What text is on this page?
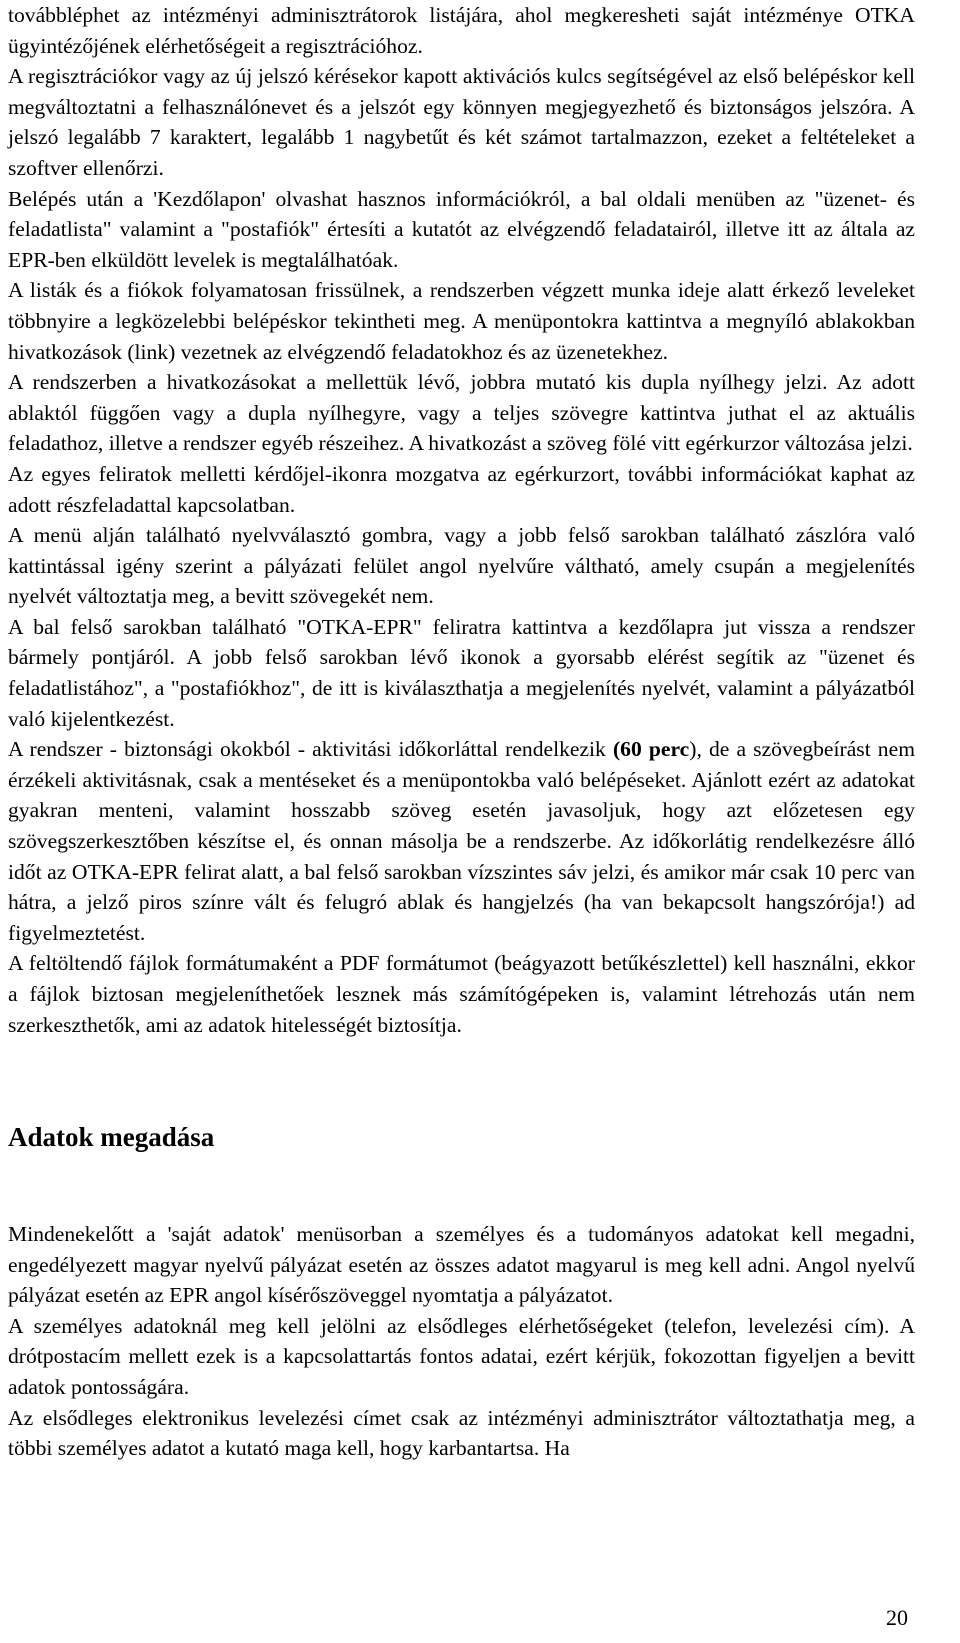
továbbléphet az intézményi adminisztrátorok listájára, ahol megkeresheti saját intézménye OTKA ügyintézőjének elérhetőségeit a regisztrációhoz.

A regisztrációkor vagy az új jelszó kérésekor kapott aktivációs kulcs segítségével az első belépéskor kell megváltoztatni a felhasználónevet és a jelszót egy könnyen megjegyezhető és biztonságos jelszóra. A jelszó legalább 7 karaktert, legalább 1 nagybetűt és két számot tartalmazzon, ezeket a feltételeket a szoftver ellenőrzi.

Belépés után a 'Kezdőlapon' olvashat hasznos információkról, a bal oldali menüben az "üzenet- és feladatlista" valamint a "postafiók" értesíti a kutatót az elvégzendő feladatairól, illetve itt az általa az EPR-ben elküldött levelek is megtalálhatóak.

A listák és a fiókok folyamatosan frissülnek, a rendszerben végzett munka ideje alatt érkező leveleket többnyire a legközelebbi belépéskor tekintheti meg. A menüpontokra kattintva a megnyíló ablakokban hivatkozások (link) vezetnek az elvégzendő feladatokhoz és az üzenetekhez.

A rendszerben a hivatkozásokat a mellettük lévő, jobbra mutató kis dupla nyílhegy jelzi. Az adott ablaktól függően vagy a dupla nyílhegyre, vagy a teljes szövegre kattintva juthat el az aktuális feladathoz, illetve a rendszer egyéb részeihez. A hivatkozást a szöveg fölé vitt egérkurzor változása jelzi.

Az egyes feliratok melletti kérdőjel-ikonra mozgatva az egérkurzort, további információkat kaphat az adott részfeladattal kapcsolatban.

A menü alján található nyelvválasztó gombra, vagy a jobb felső sarokban található zászlóra való kattintással igény szerint a pályázati felület angol nyelvűre váltható, amely csupán a megjelenítés nyelvét változtatja meg, a bevitt szövegekét nem.

A bal felső sarokban található "OTKA-EPR" feliratra kattintva a kezdőlapra jut vissza a rendszer bármely pontjáról. A jobb felső sarokban lévő ikonok a gyorsabb elérést segítik az "üzenet és feladatlistához", a "postafiókhoz", de itt is kiválaszthatja a megjelenítés nyelvét, valamint a pályázatból való kijelentkezést.

A rendszer - biztonsági okokból - aktivitási időkorláttal rendelkezik (60 perc), de a szövegbeírást nem érzékeli aktivitásnak, csak a mentéseket és a menüpontokba való belépéseket. Ajánlott ezért az adatokat gyakran menteni, valamint hosszabb szöveg esetén javasoljuk, hogy azt előzetesen egy szövegszerkesztőben készítse el, és onnan másolja be a rendszerbe. Az időkorlátig rendelkezésre álló időt az OTKA-EPR felirat alatt, a bal felső sarokban vízszintes sáv jelzi, és amikor már csak 10 perc van hátra, a jelző piros színre vált és felugró ablak és hangjelzés (ha van bekapcsolt hangszórója!) ad figyelmeztetést.

A feltöltendő fájlok formátumaként a PDF formátumot (beágyazott betűkészlettel) kell használni, ekkor a fájlok biztosan megjeleníthetőek lesznek más számítógépeken is, valamint létrehozás után nem szerkeszthetők, ami az adatok hitelességét biztosítja.

Adatok megadása

Mindenekelőtt a 'saját adatok' menüsorban a személyes és a tudományos adatokat kell megadni, engedélyezett magyar nyelvű pályázat esetén az összes adatot magyarul is meg kell adni. Angol nyelvű pályázat esetén az EPR angol kísérőszöveggel nyomtatja a pályázatot.

A személyes adatoknál meg kell jelölni az elsődleges elérhetőségeket (telefon, levelezési cím). A drótpostacím mellett ezek is a kapcsolattartás fontos adatai, ezért kérjük, fokozottan figyeljen a bevitt adatok pontosságára.

Az elsődleges elektronikus levelezési címet csak az intézményi adminisztrátor változtathatja meg, a többi személyes adatot a kutató maga kell, hogy karbantartsa. Ha

20
